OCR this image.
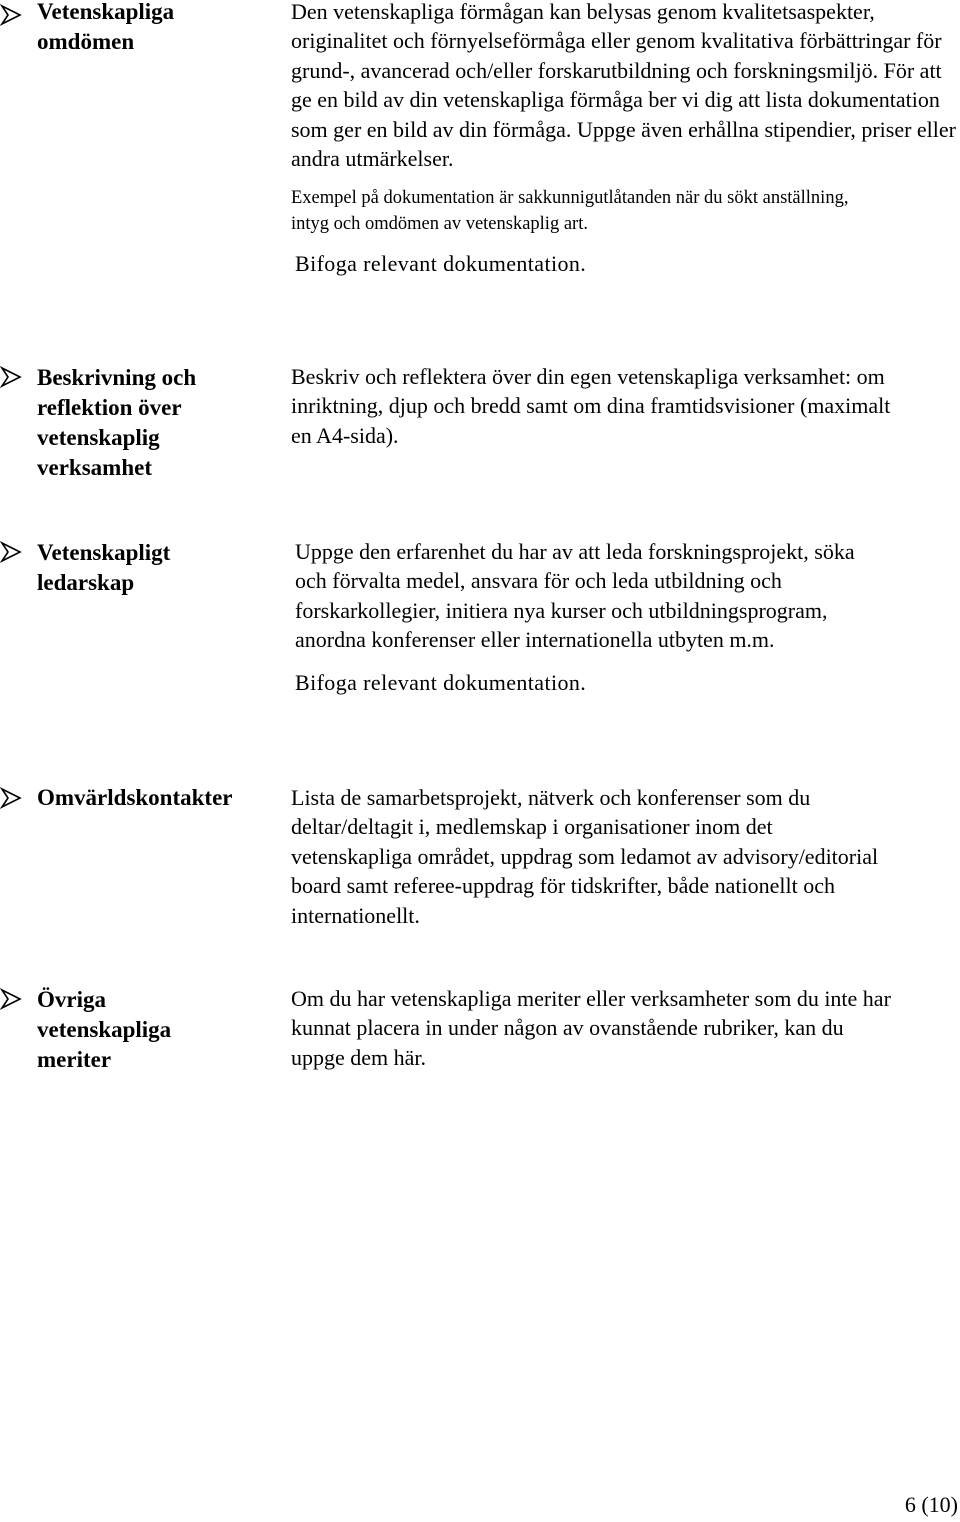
Vetenskapliga
omdömen

Den vetenskapliga förmågan kan belysas genom kvalitetsaspekter, originalitet och förnyelseförmåga eller genom kvalitativa förbättringar för grund-, avancerad och/eller forskarutbildning och forskningsmiljö. För att ge en bild av din vetenskapliga förmåga ber vi dig att lista dokumentation som ger en bild av din förmåga. Uppge även erhållna stipendier, priser eller andra utmärkelser.

Exempel på dokumentation är sakkunnigutlåtanden när du sökt anställning, intyg och omdömen av vetenskaplig art.

Bifoga relevant dokumentation.

Beskrivning och
reflektion över
vetenskaplig
verksamhet

Beskriv och reflektera över din egen vetenskapliga verksamhet: om inriktning, djup och bredd samt om dina framtidsvisioner (maximalt en A4-sida).

Vetenskapligt
ledarskap

Uppge den erfarenhet du har av att leda forskningsprojekt, söka och förvalta medel, ansvara för och leda utbildning och forskarkollegier, initiera nya kurser och utbildningsprogram, anordna konferenser eller internationella utbyten m.m.

Bifoga relevant dokumentation.

Omvärldskontakter	Lista de samarbetsprojekt, nätverk och konferenser som du deltar/deltagit i, medlemskap i organisationer inom det vetenskapliga området, uppdrag som ledamot av advisory/editorial board samt referee-uppdrag för tidskrifter, både nationellt och internationellt.

Övriga
vetenskapliga
meriter

Om du har vetenskapliga meriter eller verksamheter som du inte har kunnat placera in under någon av ovanstående rubriker, kan du uppge dem här.

6 (10)
